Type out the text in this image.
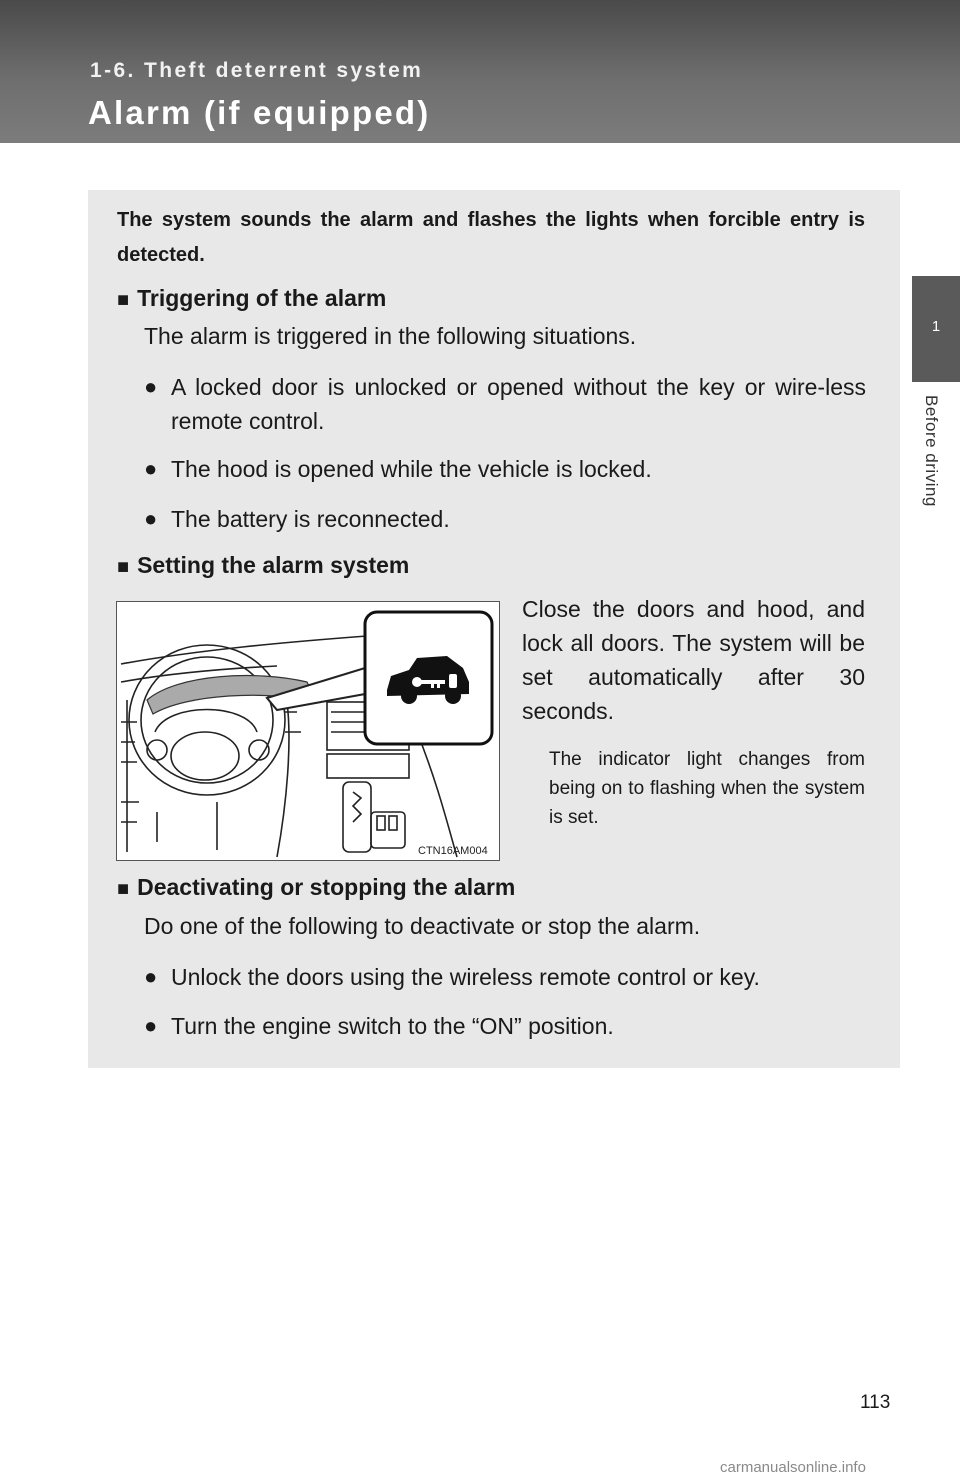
1-6. Theft deterrent system
Alarm (if equipped)
1
Before driving
The system sounds the alarm and flashes the lights when forcible entry is detected.
■ Triggering of the alarm
The alarm is triggered in the following situations.
● A locked door is unlocked or opened without the key or wire-less remote control.
● The hood is opened while the vehicle is locked.
● The battery is reconnected.
■ Setting the alarm system
CTN16AM004
Close the doors and hood, and lock all doors. The system will be set automatically after 30 seconds.
The indicator light changes from being on to flashing when the system is set.
■ Deactivating or stopping the alarm
Do one of the following to deactivate or stop the alarm.
● Unlock the doors using the wireless remote control or key.
● Turn the engine switch to the “ON” position.
113
carmanualsonline.info
